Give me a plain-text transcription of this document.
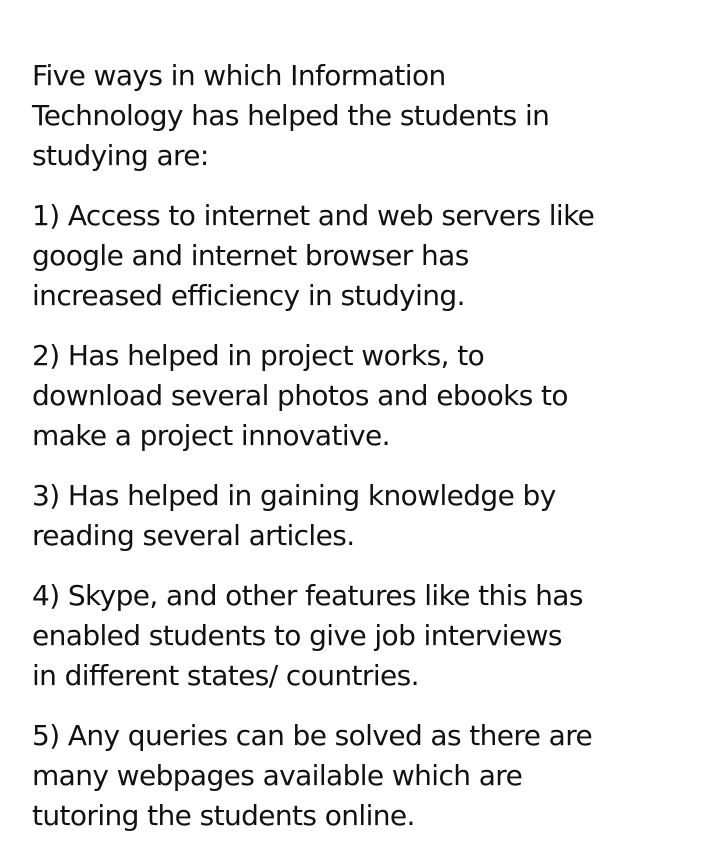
Five ways in which Information
Technology has helped the students in
studying are:

1) Access to internet and web servers like
google and internet browser has
increased efficiency in studying.

2) Has helped in project works, to
download several photos and ebooks to
make a project innovative.

3) Has helped in gaining knowledge by
reading several articles.

4) Skype, and other features like this has
enabled students to give job interviews
in different states/ countries.

5) Any queries can be solved as there are
many webpages available which are
tutoring the students online.
